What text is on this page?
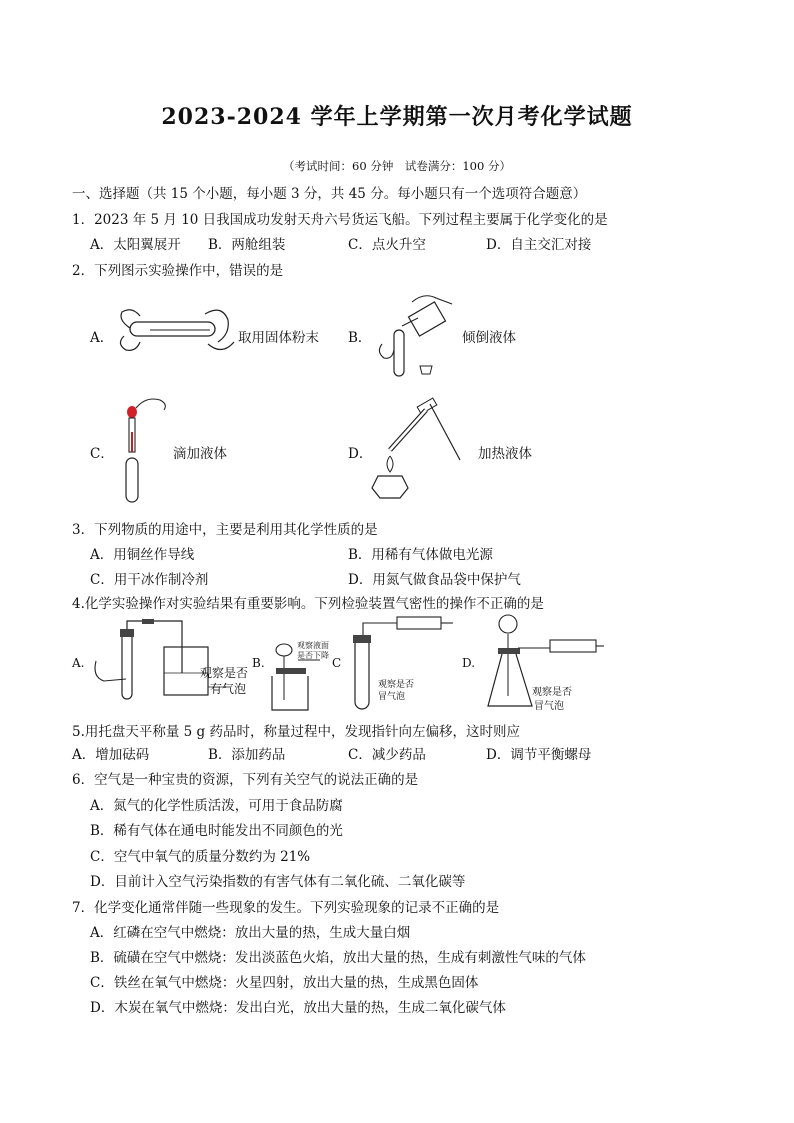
2023-2024 学年上学期第一次月考化学试题
（考试时间：60 分钟　试卷满分：100 分）
一、选择题（共 15 个小题，每小题 3 分，共 45 分。每小题只有一个选项符合题意）
1．2023 年 5 月 10 日我国成功发射天舟六号货运飞船。下列过程主要属于化学变化的是
A．太阳翼展开 B．两舱组装	C．点火升空	D．自主交汇对接
2．下列图示实验操作中，错误的是
A．	取用固体粉末 B．	倾倒液体
C．	滴加液体	D．	加热液体
3．下列物质的用途中，主要是利用其化学性质的是
A．用铜丝作导线	B．用稀有气体做电光源
C．用干冰作制冷剂	D．用氮气做食品袋中保护气
4.化学实验操作对实验结果有重要影响。下列检验装置气密性的操作不正确的是
A.
观察是否
有气泡
B.
观察液面
是否下降
C
观察是否
冒气泡
D.
观察是否
冒气泡
5.用托盘天平称量 5 g 药品时，称量过程中，发现指针向左偏移，这时则应
A．增加砝码	B．添加药品	C．减少药品	D．调节平衡螺母
6．空气是一种宝贵的资源，下列有关空气的说法正确的是
A．氮气的化学性质活泼，可用于食品防腐
B．稀有气体在通电时能发出不同颜色的光
C．空气中氧气的质量分数约为 21%
D．目前计入空气污染指数的有害气体有二氧化硫、二氧化碳等
7．化学变化通常伴随一些现象的发生。下列实验现象的记录不正确的是
A．红磷在空气中燃烧：放出大量的热，生成大量白烟
B．硫磺在空气中燃烧：发出淡蓝色火焰，放出大量的热，生成有刺激性气味的气体
C．铁丝在氧气中燃烧：火星四射，放出大量的热，生成黑色固体
D．木炭在氧气中燃烧：发出白光，放出大量的热，生成二氧化碳气体
